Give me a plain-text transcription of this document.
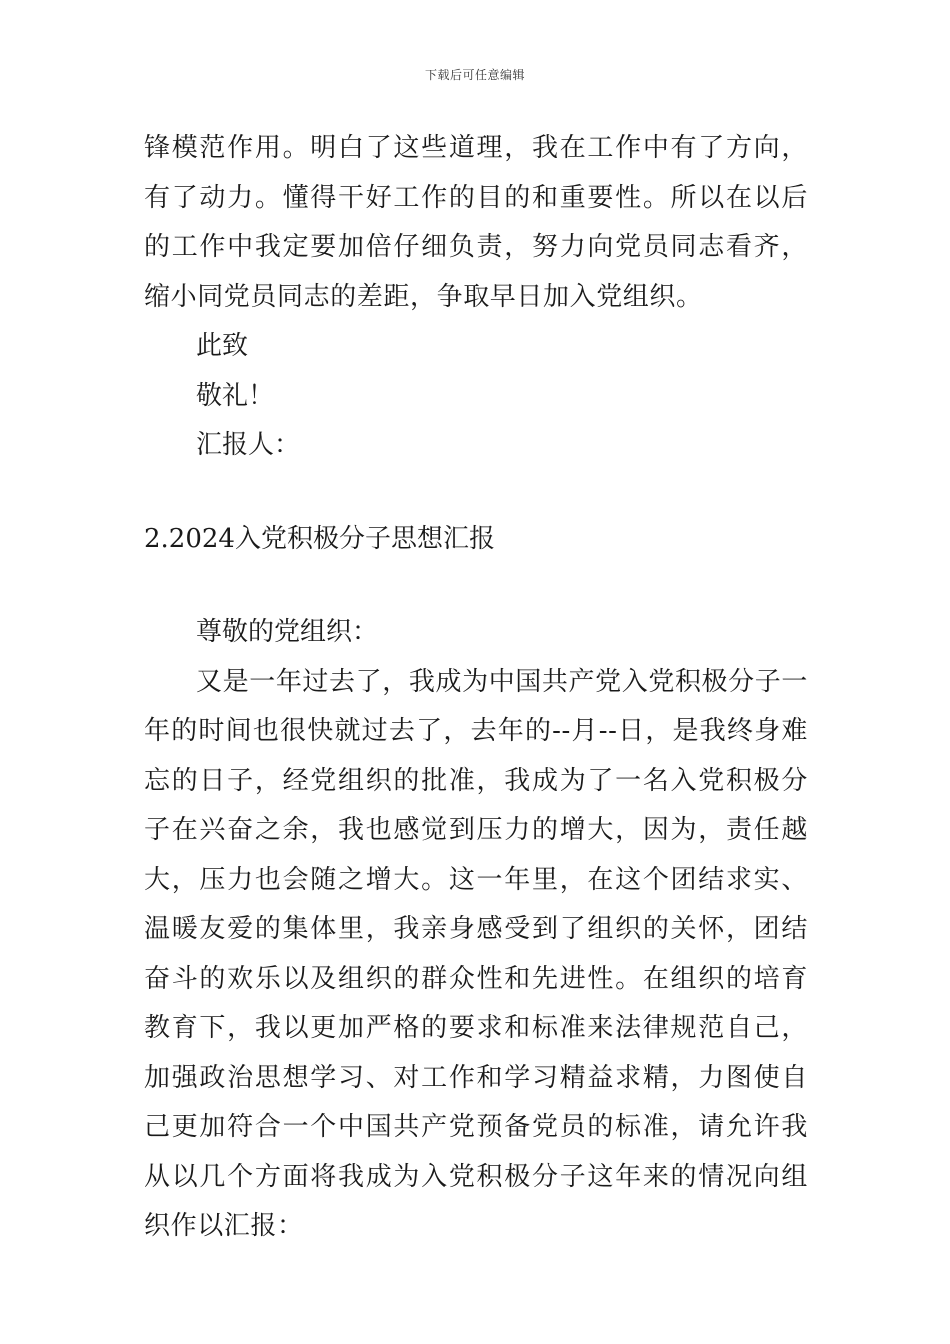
下载后可任意编辑

锋模范作用。明白了这些道理，我在工作中有了方向，有了动力。懂得干好工作的目的和重要性。所以在以后的工作中我定要加倍仔细负责，努力向党员同志看齐，缩小同党员同志的差距，争取早日加入党组织。

此致

敬礼！

汇报人：

2.2024入党积极分子思想汇报

尊敬的党组织：

又是一年过去了，我成为中国共产党入党积极分子一年的时间也很快就过去了，去年的--月--日，是我终身难忘的日子，经党组织的批准，我成为了一名入党积极分子在兴奋之余，我也感觉到压力的增大，因为，责任越大，压力也会随之增大。这一年里，在这个团结求实、温暖友爱的集体里，我亲身感受到了组织的关怀，团结奋斗的欢乐以及组织的群众性和先进性。在组织的培育教育下，我以更加严格的要求和标准来法律规范自己，加强政治思想学习、对工作和学习精益求精，力图使自己更加符合一个中国共产党预备党员的标准，请允许我从以几个方面将我成为入党积极分子这年来的情况向组织作以汇报：
